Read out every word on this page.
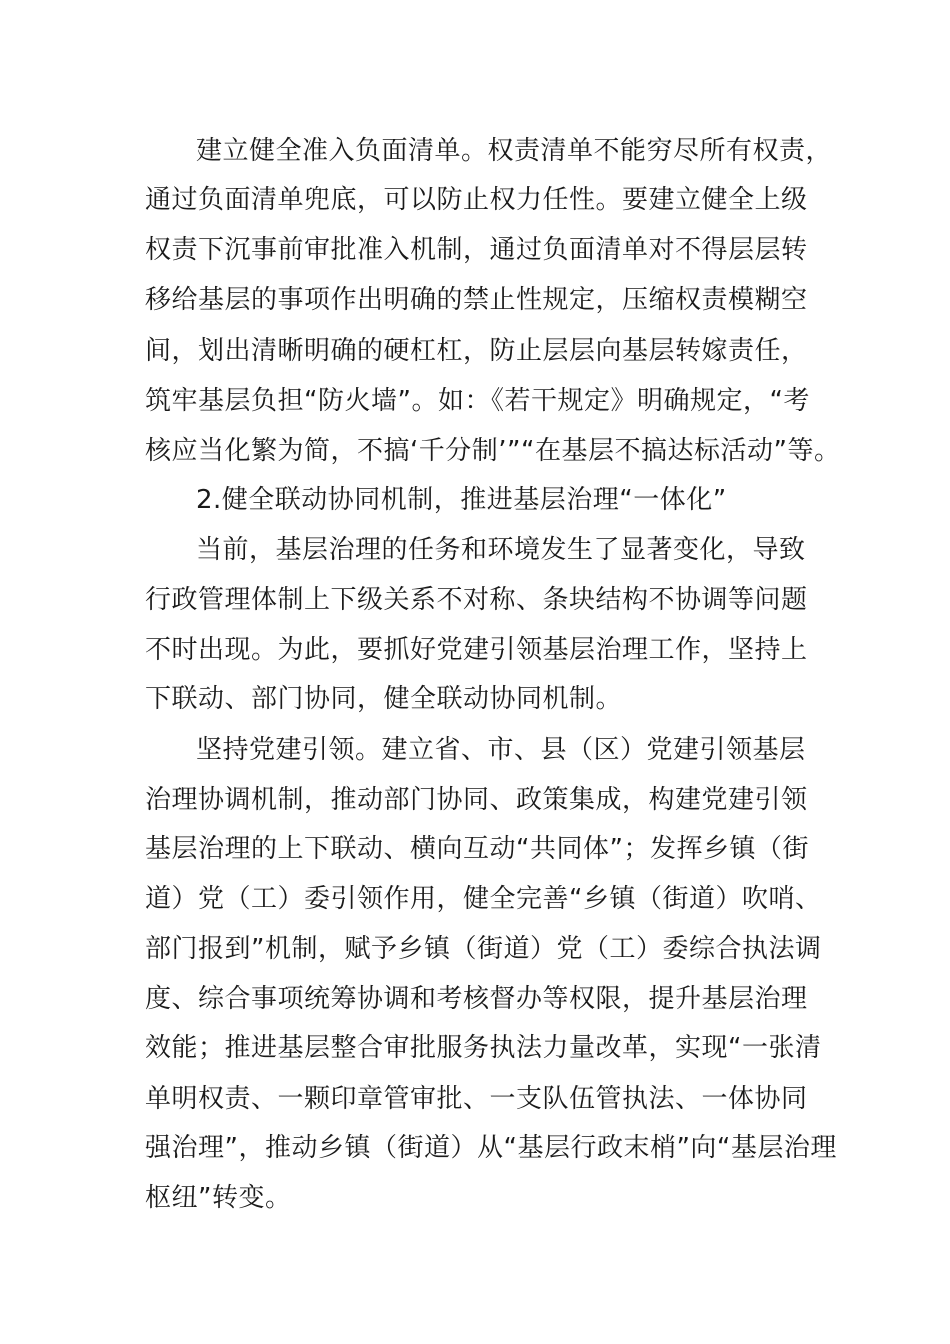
建立健全准入负面清单。权责清单不能穷尽所有权责，
通过负面清单兜底，可以防止权力任性。要建立健全上级
权责下沉事前审批准入机制，通过负面清单对不得层层转
移给基层的事项作出明确的禁止性规定，压缩权责模糊空
间，划出清晰明确的硬杠杠，防止层层向基层转嫁责任，
筑牢基层负担“防火墙”。如：《若干规定》明确规定，“考
核应当化繁为简，不搞‘千分制’”“在基层不搞达标活动”等。
2.健全联动协同机制，推进基层治理“一体化”
当前，基层治理的任务和环境发生了显著变化，导致
行政管理体制上下级关系不对称、条块结构不协调等问题
不时出现。为此，要抓好党建引领基层治理工作，坚持上
下联动、部门协同，健全联动协同机制。
坚持党建引领。建立省、市、县（区）党建引领基层
治理协调机制，推动部门协同、政策集成，构建党建引领
基层治理的上下联动、横向互动“共同体”；发挥乡镇（街
道）党（工）委引领作用，健全完善“乡镇（街道）吹哨、
部门报到”机制，赋予乡镇（街道）党（工）委综合执法调
度、综合事项统筹协调和考核督办等权限，提升基层治理
效能；推进基层整合审批服务执法力量改革，实现“一张清
单明权责、一颗印章管审批、一支队伍管执法、一体协同
强治理”，推动乡镇（街道）从“基层行政末梢”向“基层治理
枢纽”转变。
